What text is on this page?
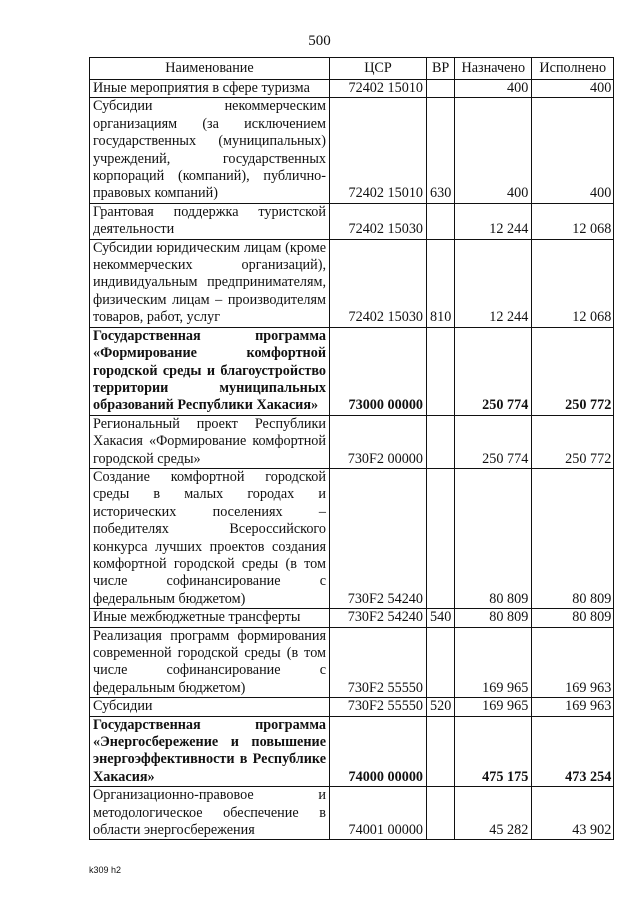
500
Наименование	ЦСР	ВР	Назначено	Исполнено
Иные мероприятия в сфере туризма	72402 15010		400	400
Субсидии некоммерческим организациям (за исключением государственных (муниципальных) учреждений, государственных корпораций (компаний), публично-правовых компаний)	72402 15010	630	400	400
Грантовая поддержка туристской деятельности	72402 15030		12 244	12 068
Субсидии юридическим лицам (кроме некоммерческих организаций), индивидуальным предпринимателям, физическим лицам – производителям товаров, работ, услуг	72402 15030	810	12 244	12 068
Государственная программа «Формирование комфортной городской среды и благоустройство территории муниципальных образований Республики Хакасия»	73000 00000		250 774	250 772
Региональный проект Республики Хакасия «Формирование комфортной городской среды»	730F2 00000		250 774	250 772
Создание комфортной городской среды в малых городах и исторических поселениях – победителях Всероссийского конкурса лучших проектов создания комфортной городской среды (в том числе софинансирование с федеральным бюджетом)	730F2 54240		80 809	80 809
Иные межбюджетные трансферты	730F2 54240	540	80 809	80 809
Реализация программ формирования современной городской среды (в том числе софинансирование с федеральным бюджетом)	730F2 55550		169 965	169 963
Субсидии	730F2 55550	520	169 965	169 963
Государственная программа «Энергосбережение и повышение энергоэффективности в Республике Хакасия»	74000 00000		475 175	473 254
Организационно-правовое и методологическое обеспечение в области энергосбережения	74001 00000		45 282	43 902
k309 h2
